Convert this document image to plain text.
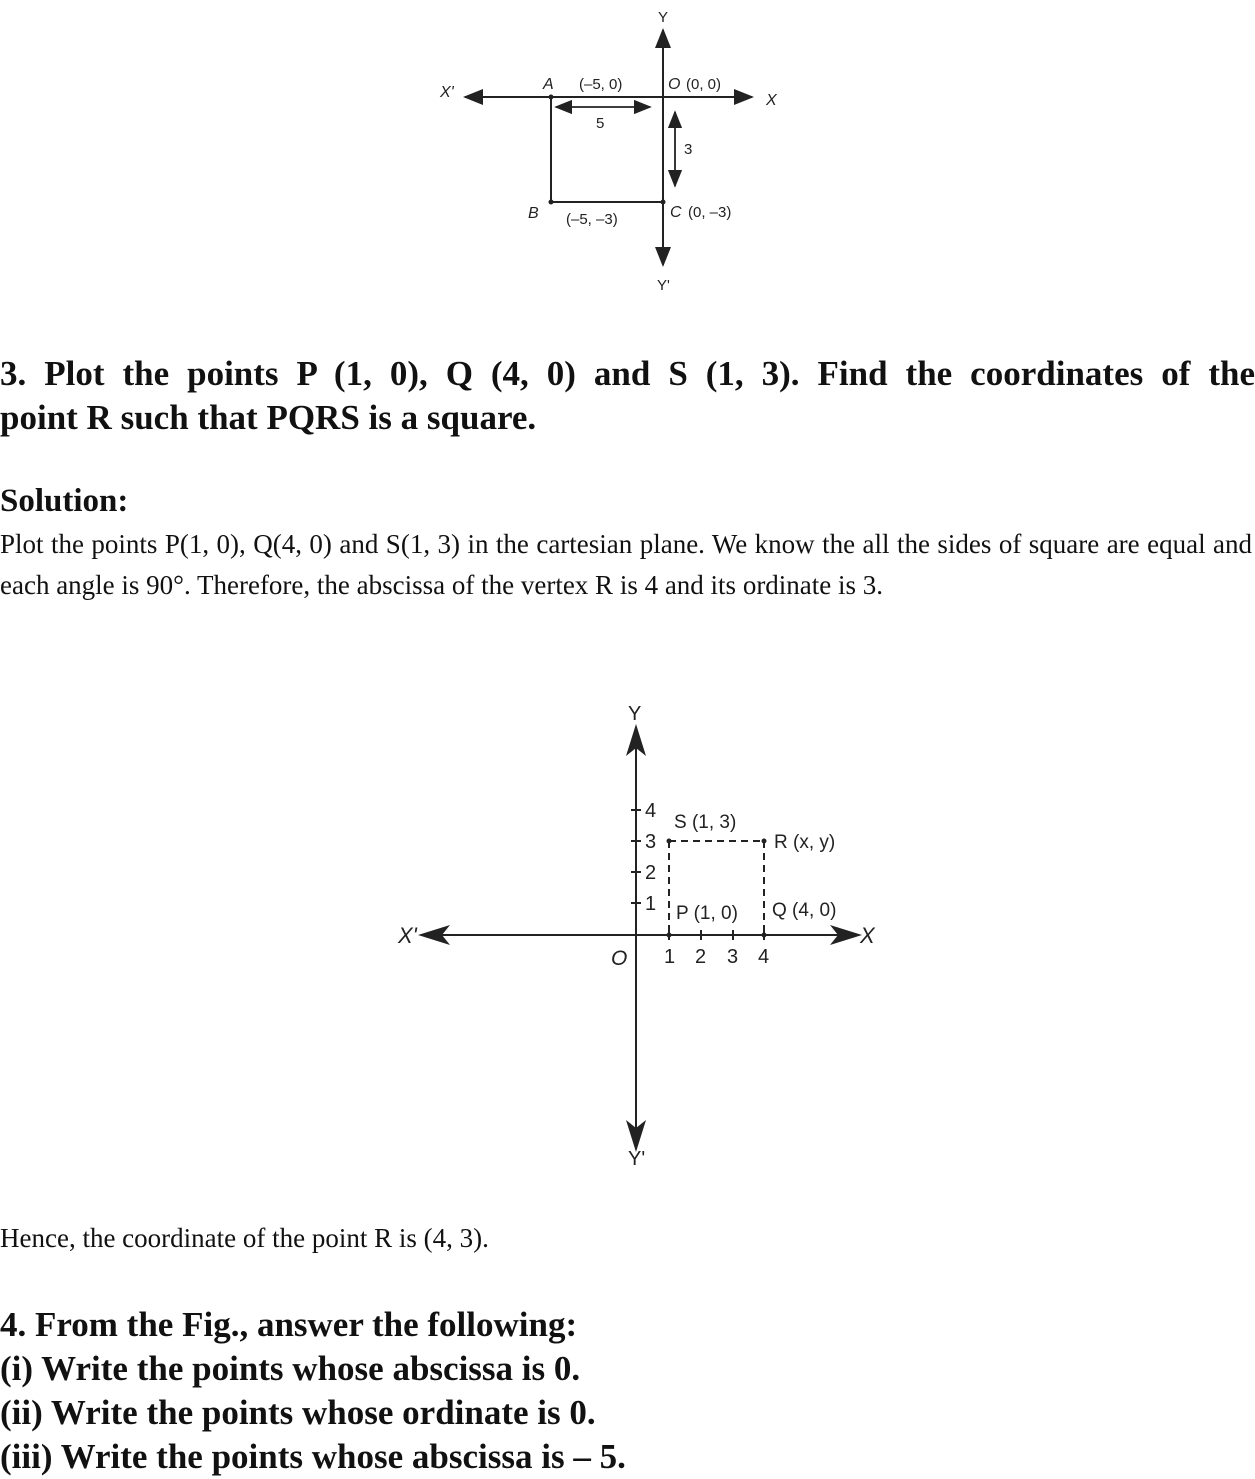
Y
Y'
X
X'	A (–5, 0)	O (0, 0)
B (–5, –3)	C (0, –3)
5
3

3. Plot the points P (1, 0), Q (4, 0) and S (1, 3). Find the coordinates of the
point R such that PQRS is a square.

Solution:

Plot the points P(1, 0), Q(4, 0) and S(1, 3) in the cartesian plane. We know the all the sides of square are equal and each angle is 90°. Therefore, the abscissa of the vertex R is 4 and its ordinate is 3.

Y
Y'
X
X'
O
1
2
3
4
1 2 3 4
S (1, 3)
R (x, y)
P (1, 0) Q (4, 0)

Hence, the coordinate of the point R is (4, 3).

4. From the Fig., answer the following:
(i) Write the points whose abscissa is 0.
(ii) Write the points whose ordinate is 0.
(iii) Write the points whose abscissa is – 5.
